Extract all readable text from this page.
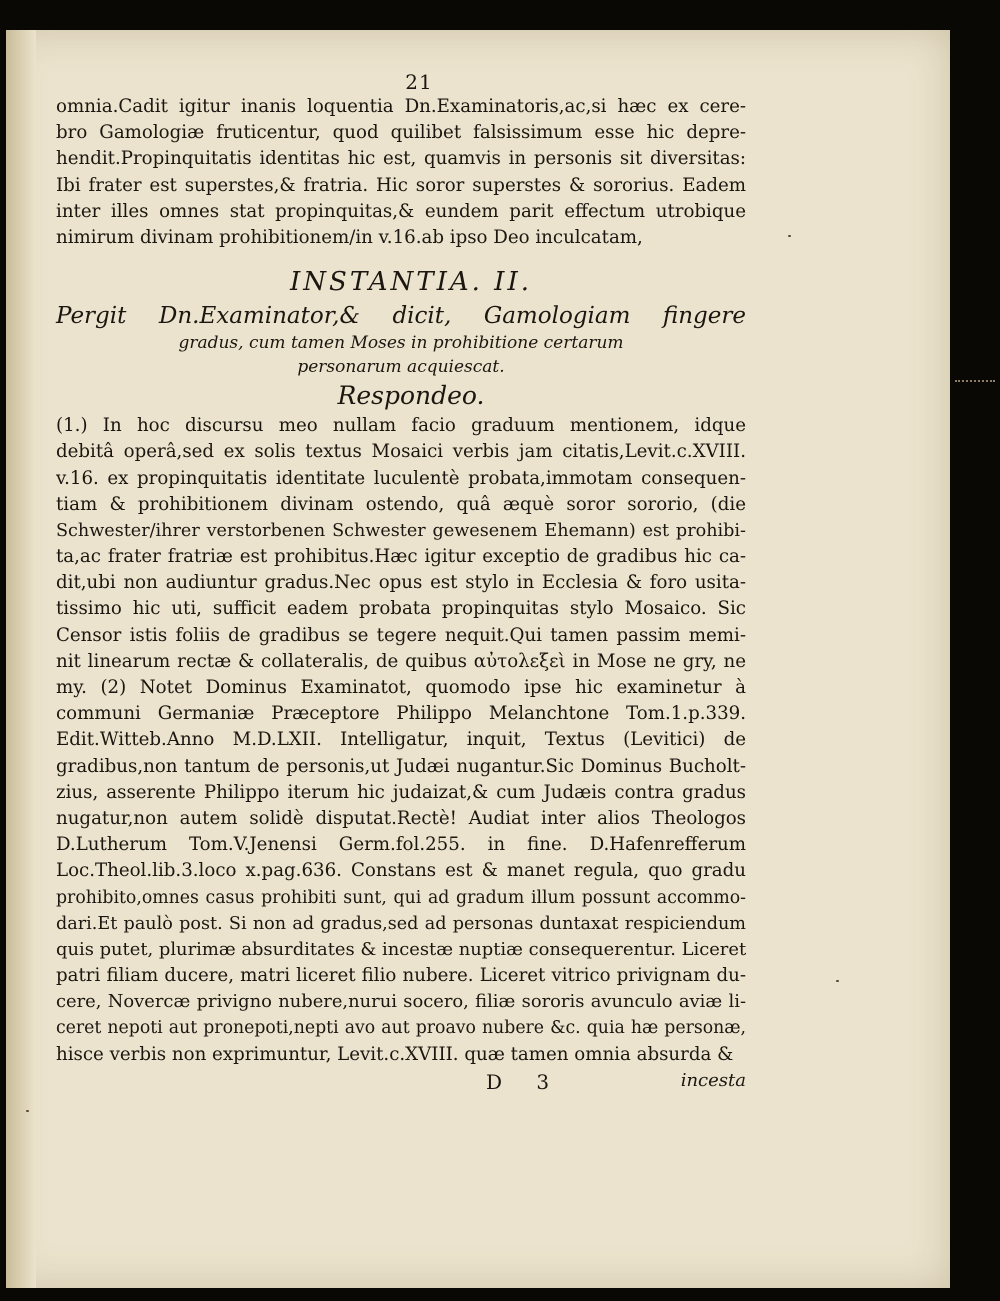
21
omnia.Cadit igitur inanis loquentia Dn.Examinatoris,ac,si hæc ex cere-
bro Gamologiæ fruticentur, quod quilibet falsissimum esse hic depre-
hendit.Propinquitatis identitas hic est, quamvis in personis sit diversitas:
Ibi frater est superstes,& fratria. Hic soror superstes & sororius. Eadem
inter illes omnes stat propinquitas,& eundem parit effectum utrobique
nimirum divinam prohibitionem/in v.16.ab ipso Deo inculcatam,
INSTANTIA. II.
Pergit Dn.Examinator,& dicit, Gamologiam fingere
gradus, cum tamen Moses in prohibitione certarum
personarum acquiescat.
Respondeo.
(1.) In hoc discursu meo nullam facio graduum mentionem, idque
debitâ operâ,sed ex solis textus Mosaici verbis jam citatis,Levit.c.XVIII.
v.16. ex propinquitatis identitate luculentè probata,immotam consequen-
tiam & prohibitionem divinam ostendo, quâ æquè soror sororio, (die
Schwester/ihrer verstorbenen Schwester gewesenem Ehemann) est prohibi-
ta,ac frater fratriæ est prohibitus.Hæc igitur exceptio de gradibus hic ca-
dit,ubi non audiuntur gradus.Nec opus est stylo in Ecclesia & foro usita-
tissimo hic uti, sufficit eadem probata propinquitas stylo Mosaico. Sic
Censor istis foliis de gradibus se tegere nequit.Qui tamen passim memi-
nit linearum rectæ & collateralis, de quibus αὐτολεξεὶ in Mose ne gry, ne
my. (2) Notet Dominus Examinatot, quomodo ipse hic examinetur à
communi Germaniæ Præceptore Philippo Melanchtone Tom.1.p.339.
Edit.Witteb.Anno M.D.LXII. Intelligatur, inquit, Textus (Levitici) de
gradibus,non tantum de personis,ut Judæi nugantur.Sic Dominus Bucholt-
zius, asserente Philippo iterum hic judaizat,& cum Judæis contra gradus
nugatur,non autem solidè disputat.Rectè! Audiat inter alios Theologos
D.Lutherum Tom.V.Jenensi Germ.fol.255. in fine. D.Hafenrefferum
Loc.Theol.lib.3.loco x.pag.636. Constans est & manet regula, quo gradu
prohibito,omnes casus prohibiti sunt, qui ad gradum illum possunt accommo-
dari.Et paulò post. Si non ad gradus,sed ad personas duntaxat respiciendum
quis putet, plurimæ absurditates & incestæ nuptiæ consequerentur. Liceret
patri filiam ducere, matri liceret filio nubere. Liceret vitrico privignam du-
cere, Novercæ privigno nubere,nurui socero, filiæ sororis avunculo aviæ li-
ceret nepoti aut pronepoti,nepti avo aut proavo nubere &c. quia hæ personæ,
hisce verbis non exprimuntur, Levit.c.XVIII. quæ tamen omnia absurda &
D 3	incesta
